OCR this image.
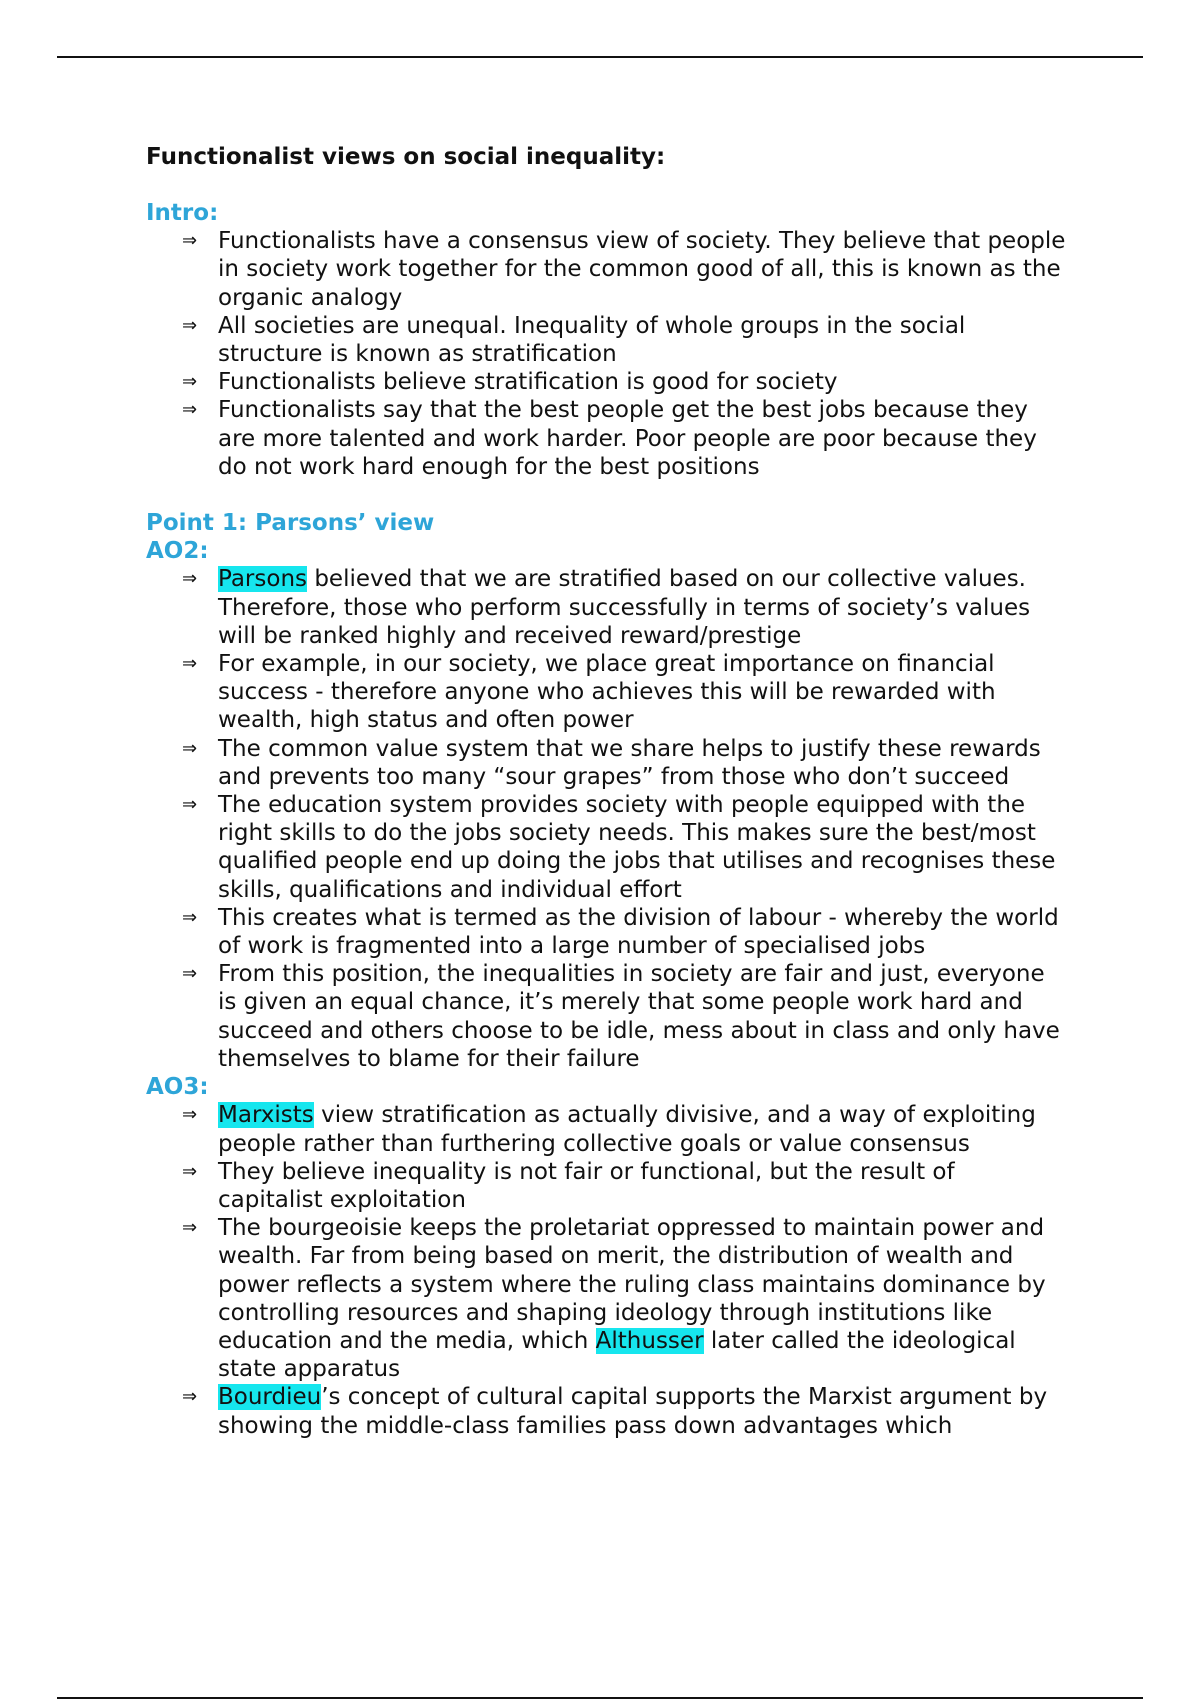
Functionalist views on social inequality:

Intro:

⇒ Functionalists have a consensus view of society. They believe that people in society work together for the common good of all, this is known as the organic analogy
⇒ All societies are unequal. Inequality of whole groups in the social structure is known as stratification
⇒ Functionalists believe stratification is good for society
⇒ Functionalists say that the best people get the best jobs because they are more talented and work harder. Poor people are poor because they do not work hard enough for the best positions

Point 1: Parsons’ view

AO2:

⇒ Parsons believed that we are stratified based on our collective values. Therefore, those who perform successfully in terms of society’s values will be ranked highly and received reward/prestige
⇒ For example, in our society, we place great importance on financial success - therefore anyone who achieves this will be rewarded with wealth, high status and often power
⇒ The common value system that we share helps to justify these rewards and prevents too many “sour grapes” from those who don’t succeed
⇒ The education system provides society with people equipped with the right skills to do the jobs society needs. This makes sure the best/most qualified people end up doing the jobs that utilises and recognises these skills, qualifications and individual effort
⇒ This creates what is termed as the division of labour - whereby the world of work is fragmented into a large number of specialised jobs
⇒ From this position, the inequalities in society are fair and just, everyone is given an equal chance, it’s merely that some people work hard and succeed and others choose to be idle, mess about in class and only have themselves to blame for their failure

AO3:

⇒ Marxists view stratification as actually divisive, and a way of exploiting people rather than furthering collective goals or value consensus
⇒ They believe inequality is not fair or functional, but the result of capitalist exploitation
⇒ The bourgeoisie keeps the proletariat oppressed to maintain power and wealth. Far from being based on merit, the distribution of wealth and power reflects a system where the ruling class maintains dominance by controlling resources and shaping ideology through institutions like education and the media, which Althusser later called the ideological state apparatus
⇒ Bourdieu’s concept of cultural capital supports the Marxist argument by showing the middle-class families pass down advantages which
